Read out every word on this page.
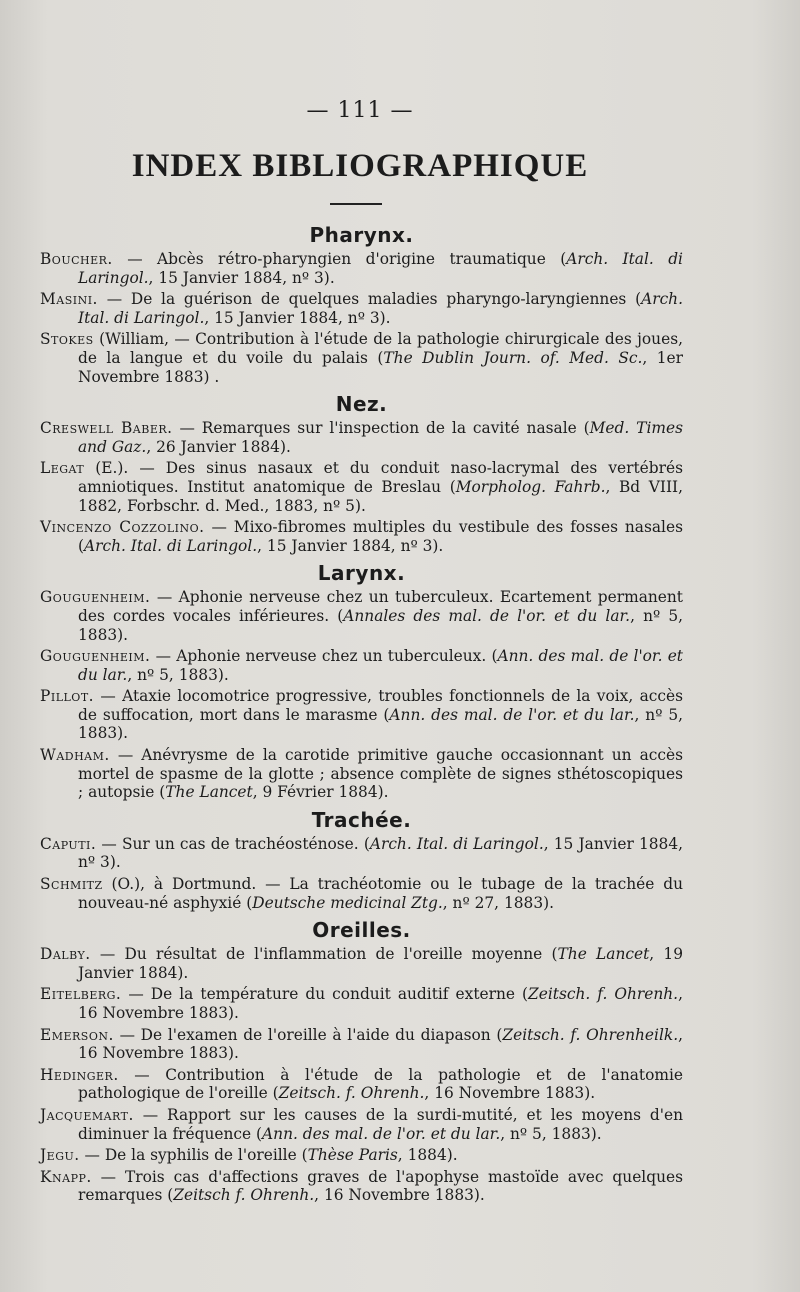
— 111 —
INDEX BIBLIOGRAPHIQUE
Pharynx.

Boucher. — Abcès rétro-pharyngien d'origine traumatique (Arch. Ital. di Laringol., 15 Janvier 1884, nº 3).

Masini. — De la guérison de quelques maladies pharyngo-laryngiennes (Arch. Ital. di Laringol., 15 Janvier 1884, nº 3).

Stokes (William, — Contribution à l'étude de la pathologie chirurgicale des joues, de la langue et du voile du palais (The Dublin Journ. of. Med. Sc., 1er Novembre 1883) .

Nez.

Creswell Baber. — Remarques sur l'inspection de la cavité nasale (Med. Times and Gaz., 26 Janvier 1884).

Legat (E.). — Des sinus nasaux et du conduit naso-lacrymal des vertébrés amniotiques. Institut anatomique de Breslau (Morpholog. Fahrb., Bd VIII, 1882, Forbschr. d. Med., 1883, nº 5).

Vincenzo Cozzolino. — Mixo-fibromes multiples du vestibule des fosses nasales (Arch. Ital. di Laringol., 15 Janvier 1884, nº 3).

Larynx.

Gouguenheim. — Aphonie nerveuse chez un tuberculeux. Ecartement permanent des cordes vocales inférieures. (Annales des mal. de l'or. et du lar., nº 5, 1883).

Gouguenheim. — Aphonie nerveuse chez un tuberculeux. (Ann. des mal. de l'or. et du lar., nº 5, 1883).

Pillot. — Ataxie locomotrice progressive, troubles fonctionnels de la voix, accès de suffocation, mort dans le marasme (Ann. des mal. de l'or. et du lar., nº 5, 1883).

Wadham. — Anévrysme de la carotide primitive gauche occasionnant un accès mortel de spasme de la glotte ; absence complète de signes sthétoscopiques ; autopsie (The Lancet, 9 Février 1884).

Trachée.

Caputi. — Sur un cas de trachéosténose. (Arch. Ital. di Laringol., 15 Janvier 1884, nº 3).

Schmitz (O.), à Dortmund. — La trachéotomie ou le tubage de la trachée du nouveau-né asphyxié (Deutsche medicinal Ztg., nº 27, 1883).

Oreilles.

Dalby. — Du résultat de l'inflammation de l'oreille moyenne (The Lancet, 19 Janvier 1884).

Eitelberg. — De la température du conduit auditif externe (Zeitsch. f. Ohrenh., 16 Novembre 1883).

Emerson. — De l'examen de l'oreille à l'aide du diapason (Zeitsch. f. Ohrenheilk., 16 Novembre 1883).

Hedinger. — Contribution à l'étude de la pathologie et de l'anatomie pathologique de l'oreille (Zeitsch. f. Ohrenh., 16 Novembre 1883).

Jacquemart. — Rapport sur les causes de la surdi-mutité, et les moyens d'en diminuer la fréquence (Ann. des mal. de l'or. et du lar., nº 5, 1883).

Jegu. — De la syphilis de l'oreille (Thèse Paris, 1884).

Knapp. — Trois cas d'affections graves de l'apophyse mastoïde avec quelques remarques (Zeitsch f. Ohrenh., 16 Novembre 1883).
